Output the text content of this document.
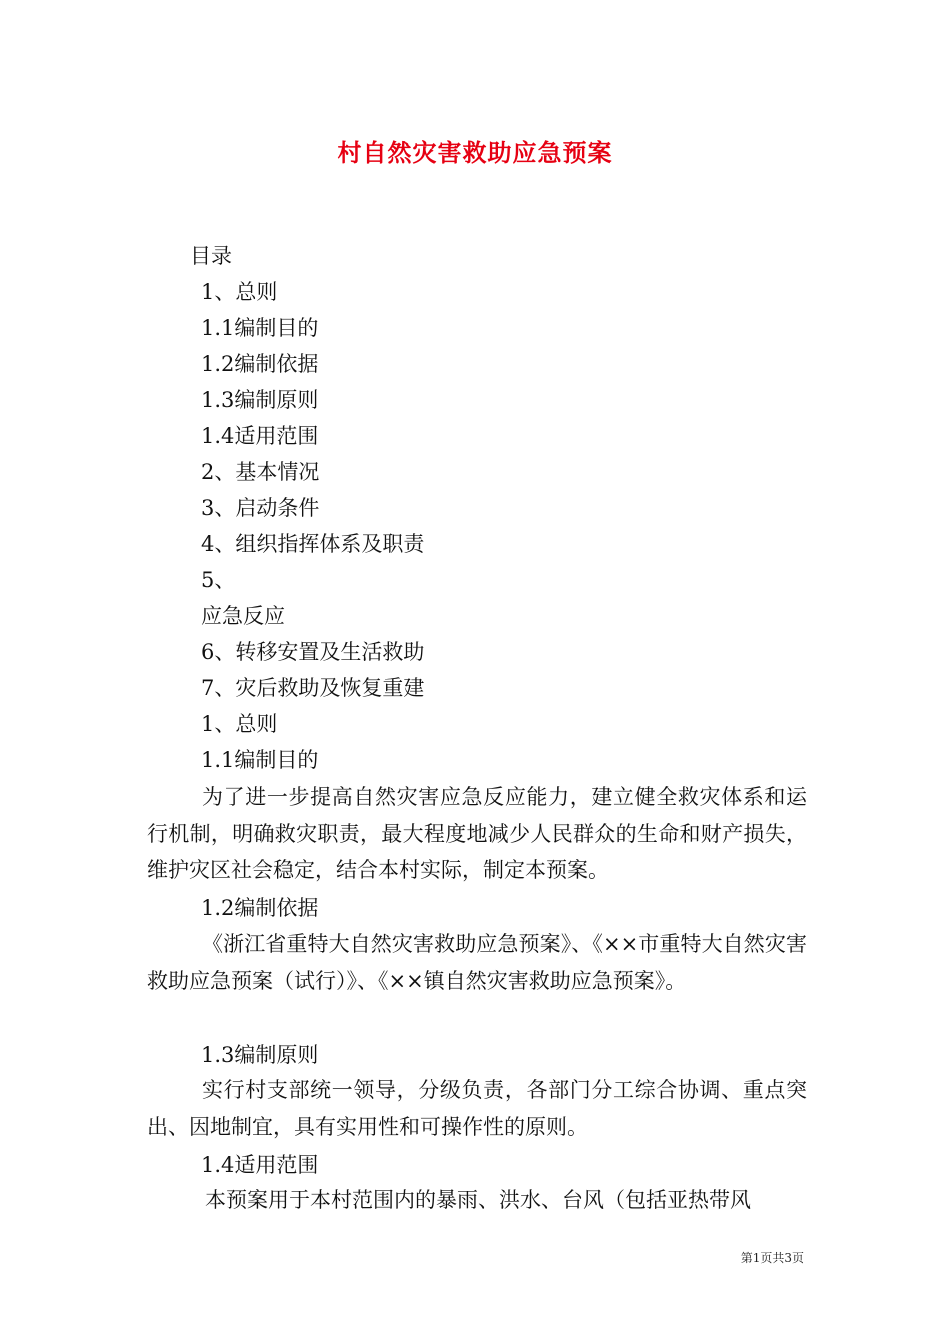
村自然灾害救助应急预案
目录
1、总则
1.1编制目的
1.2编制依据
1.3编制原则
1.4适用范围
2、基本情况
3、启动条件
4、组织指挥体系及职责
5、
应急反应
6、转移安置及生活救助
7、灾后救助及恢复重建
1、总则
1.1编制目的
为了进一步提高自然灾害应急反应能力，建立健全救灾体系和运行机制，明确救灾职责，最大程度地减少人民群众的生命和财产损失，维护灾区社会稳定，结合本村实际，制定本预案。
1.2编制依据
《浙江省重特大自然灾害救助应急预案》、《××市重特大自然灾害救助应急预案（试行）》、《××镇自然灾害救助应急预案》。
1.3编制原则
实行村支部统一领导，分级负责，各部门分工综合协调、重点突出、因地制宜，具有实用性和可操作性的原则。
1.4适用范围
本预案用于本村范围内的暴雨、洪水、台风（包括亚热带风
第1页共3页
